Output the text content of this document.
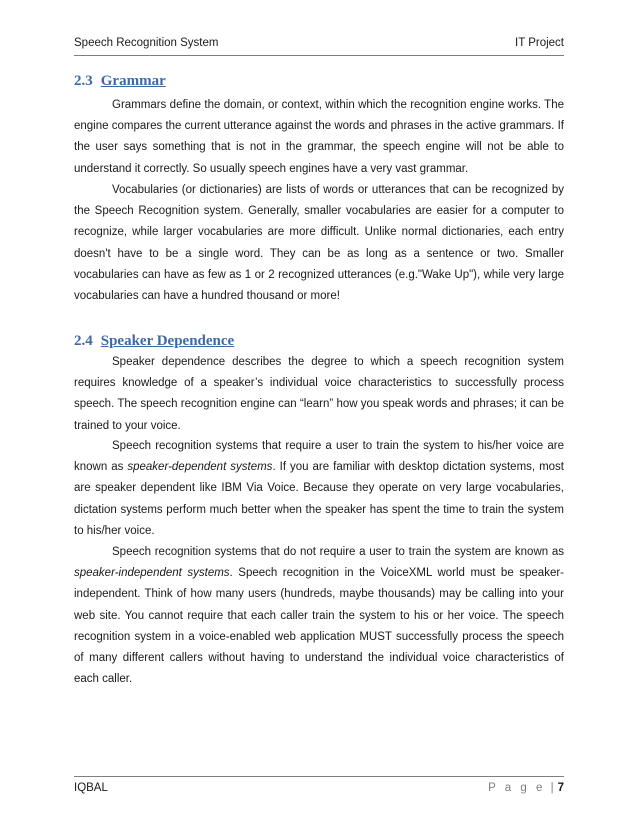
Speech Recognition System	IT Project
2.3 Grammar

Grammars define the domain, or context, within which the recognition engine works. The engine compares the current utterance against the words and phrases in the active grammars. If the user says something that is not in the grammar, the speech engine will not be able to understand it correctly. So usually speech engines have a very vast grammar.

Vocabularies (or dictionaries) are lists of words or utterances that can be recognized by the Speech Recognition system. Generally, smaller vocabularies are easier for a computer to recognize, while larger vocabularies are more difficult. Unlike normal dictionaries, each entry doesn't have to be a single word. They can be as long as a sentence or two. Smaller vocabularies can have as few as 1 or 2 recognized utterances (e.g."Wake Up"), while very large vocabularies can have a hundred thousand or more!

2.4 Speaker Dependence

Speaker dependence describes the degree to which a speech recognition system requires knowledge of a speaker’s individual voice characteristics to successfully process speech. The speech recognition engine can “learn” how you speak words and phrases; it can be trained to your voice.

Speech recognition systems that require a user to train the system to his/her voice are known as speaker-dependent systems. If you are familiar with desktop dictation systems, most are speaker dependent like IBM Via Voice. Because they operate on very large vocabularies, dictation systems perform much better when the speaker has spent the time to train the system to his/her voice.

Speech recognition systems that do not require a user to train the system are known as speaker-independent systems. Speech recognition in the VoiceXML world must be speaker-independent. Think of how many users (hundreds, maybe thousands) may be calling into your web site. You cannot require that each caller train the system to his or her voice. The speech recognition system in a voice-enabled web application MUST successfully process the speech of many different callers without having to understand the individual voice characteristics of each caller.

IQBAL	P a g e | 7
